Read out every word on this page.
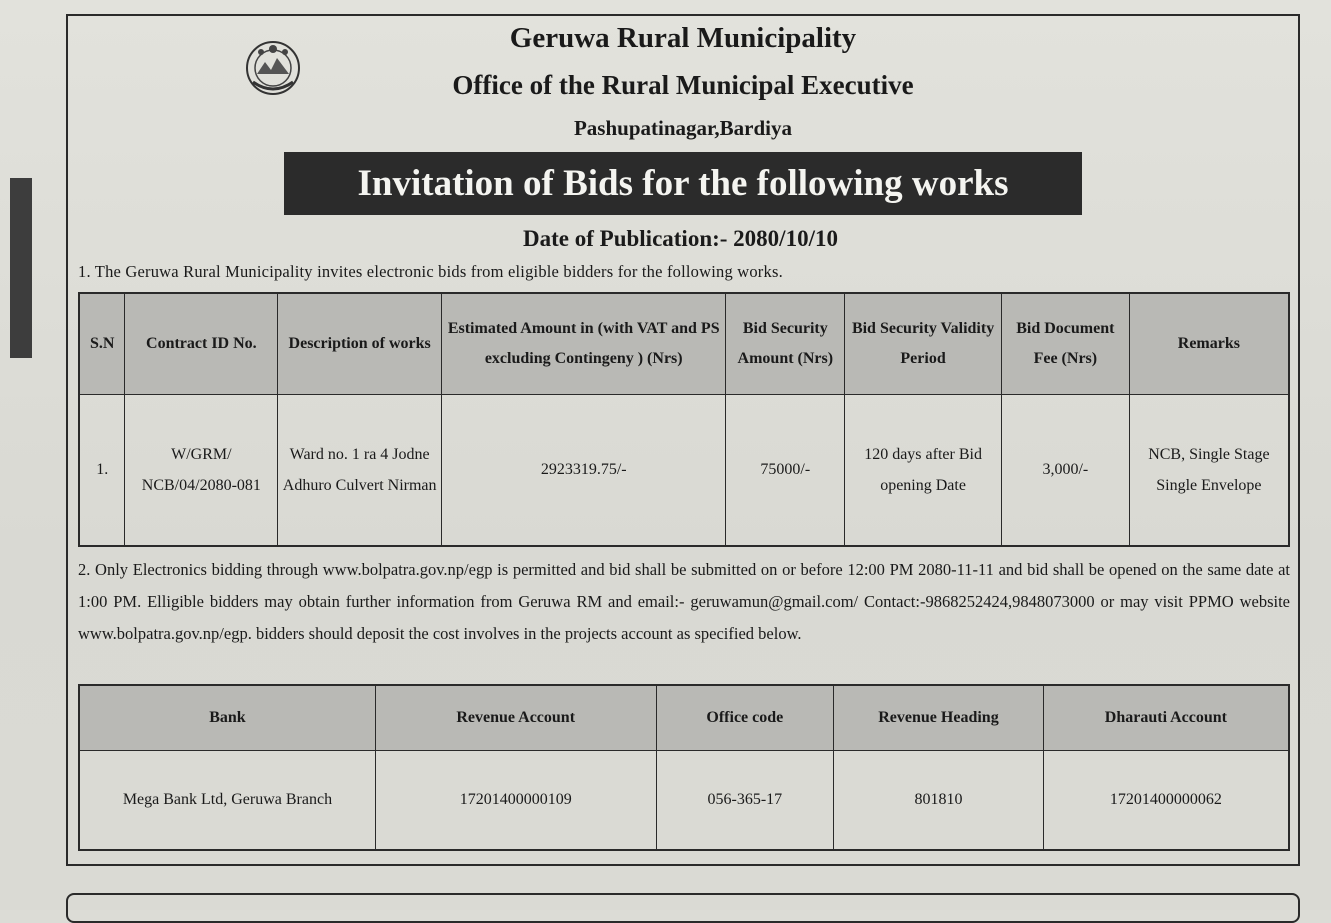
Geruwa Rural Municipality
Office of the Rural Municipal Executive
Pashupatinagar,Bardiya
Invitation of Bids for the following works
Date of Publication:- 2080/10/10
1. The Geruwa Rural Municipality invites electronic bids from eligible bidders for the following works.
S.N	Contract ID No.	Description of works	Estimated Amount in (with VAT and PS excluding Contingeny ) (Nrs)	Bid Security Amount (Nrs)	Bid Security Validity Period	Bid Document Fee (Nrs)	Remarks
1.	W/GRM/ NCB/04/2080-081	Ward no. 1 ra 4 Jodne Adhuro Culvert Nirman	2923319.75/-	75000/-	120 days after Bid opening Date	3,000/-	NCB, Single Stage Single Envelope

2. Only Electronics bidding through www.bolpatra.gov.np/egp is permitted and bid shall be submitted on or before 12:00 PM 2080-11-11 and bid shall be opened on the same date at 1:00 PM. Elligible bidders may obtain further information from Geruwa RM and email:- geruwamun@gmail.com/ Contact:-9868252424,9848073000 or may visit PPMO website www.bolpatra.gov.np/egp. bidders should deposit the cost involves in the projects account as specified below.

Bank	Revenue Account	Office code	Revenue Heading	Dharauti Account
Mega Bank Ltd, Geruwa Branch	17201400000109	056-365-17	801810	17201400000062
